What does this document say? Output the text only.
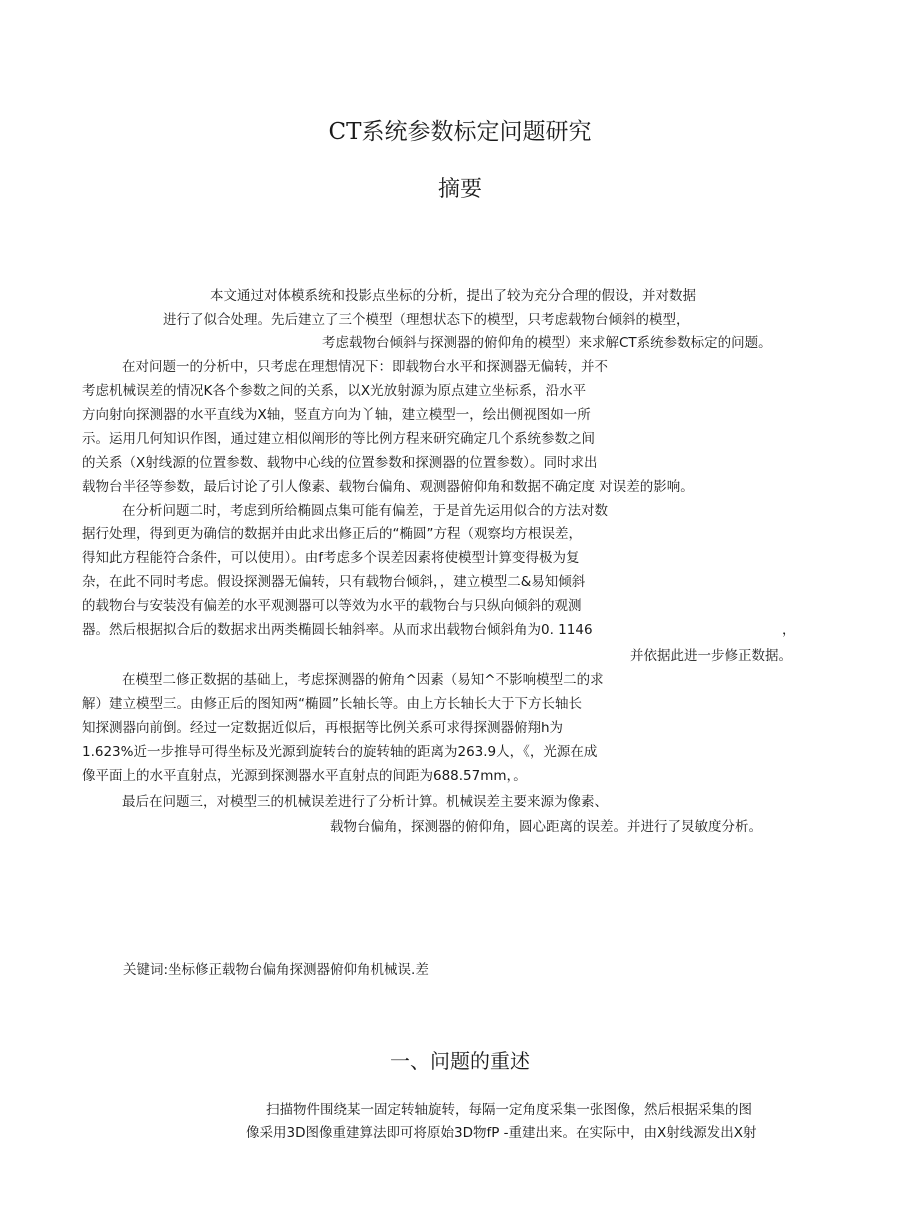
CT系统参数标定问题研究
摘要
本文通过对体模系统和投影点坐标的分析，提出了较为充分合理的假设，并对数据
进行了似合处理。先后建立了三个模型（理想状态下的模型，只考虑载物台倾斜的模型，
考虑载物台倾斜与探测器的俯仰角的模型）来求解CT系统参数标定的问题。
在对问题一的分析中，只考虑在理想情况下：即载物台水平和探测器无偏转，并不
考虑机械误差的情况K各个参数之间的关系，以X光放射源为原点建立坐标系，沿水平
方向射向探测器的水平直线为X轴，竖直方向为丫轴，建立模型一，绘出侧视图如一所
示。运用几何知识作图，通过建立相似阐形的等比例方程来研究确定几个系统参数之间
的关系（X射线源的位置参数、载物中心线的位置参数和探测器的位置参数）。同时求出
载物台半径等参数，最后讨论了引人像素、载物台偏角、观测器俯仰角和数据不确定度 对误差的影响。
在分析问题二时，考虑到所给椭圆点集可能有偏差，于是首先运用似合的方法对数
据行处理，得到更为确信的数据并由此求出修正后的“椭圆”方程（观察均方根误差，
得知此方程能符合条件，可以使用）。由f考虑多个误差因素将使模型计算变得极为复
杂，在此不同时考虑。假设探测器无偏转，只有载物台倾斜，，建立模型二&易知倾斜
的载物台与安装没有偏差的水平观测器可以等效为水平的载物台与只纵向倾斜的观测
器。然后根据拟合后的数据求出两类椭圆长轴斜率。从而求出载物台倾斜角为0. 1146	，
并依据此进一步修正数据。
在模型二修正数据的基础上，考虑探测器的俯角^因素（易知^不影响模型二的求
解）建立模型三。由修正后的图知两“椭圆”长轴长等。由上方长轴长大于下方长轴长
知探测器向前倒。经过一定数据近似后，再根据等比例关系可求得探测器俯翔h为
1.623%近一步推导可得坐标及光源到旋转台的旋转轴的距离为263.9人，《，光源在成
像平面上的水平直射点，光源到探测器水平直射点的间距为688.57mm，。
最后在问题三，对模型三的机械误差进行了分析计算。机械误差主要来源为像素、
载物台偏角，探测器的俯仰角，圆心距离的误差。并进行了炅敏度分析。
关键词:坐标修正载物台偏角探测器俯仰角机械误.差
一、问题的重述
扫描物件围绕某一固定转轴旋转，每隔一定角度采集一张图像，然后根据采集的图
像采用3D图像重建算法即可将原始3D物fP -重建出来。在实际中，由X射线源发出X射
